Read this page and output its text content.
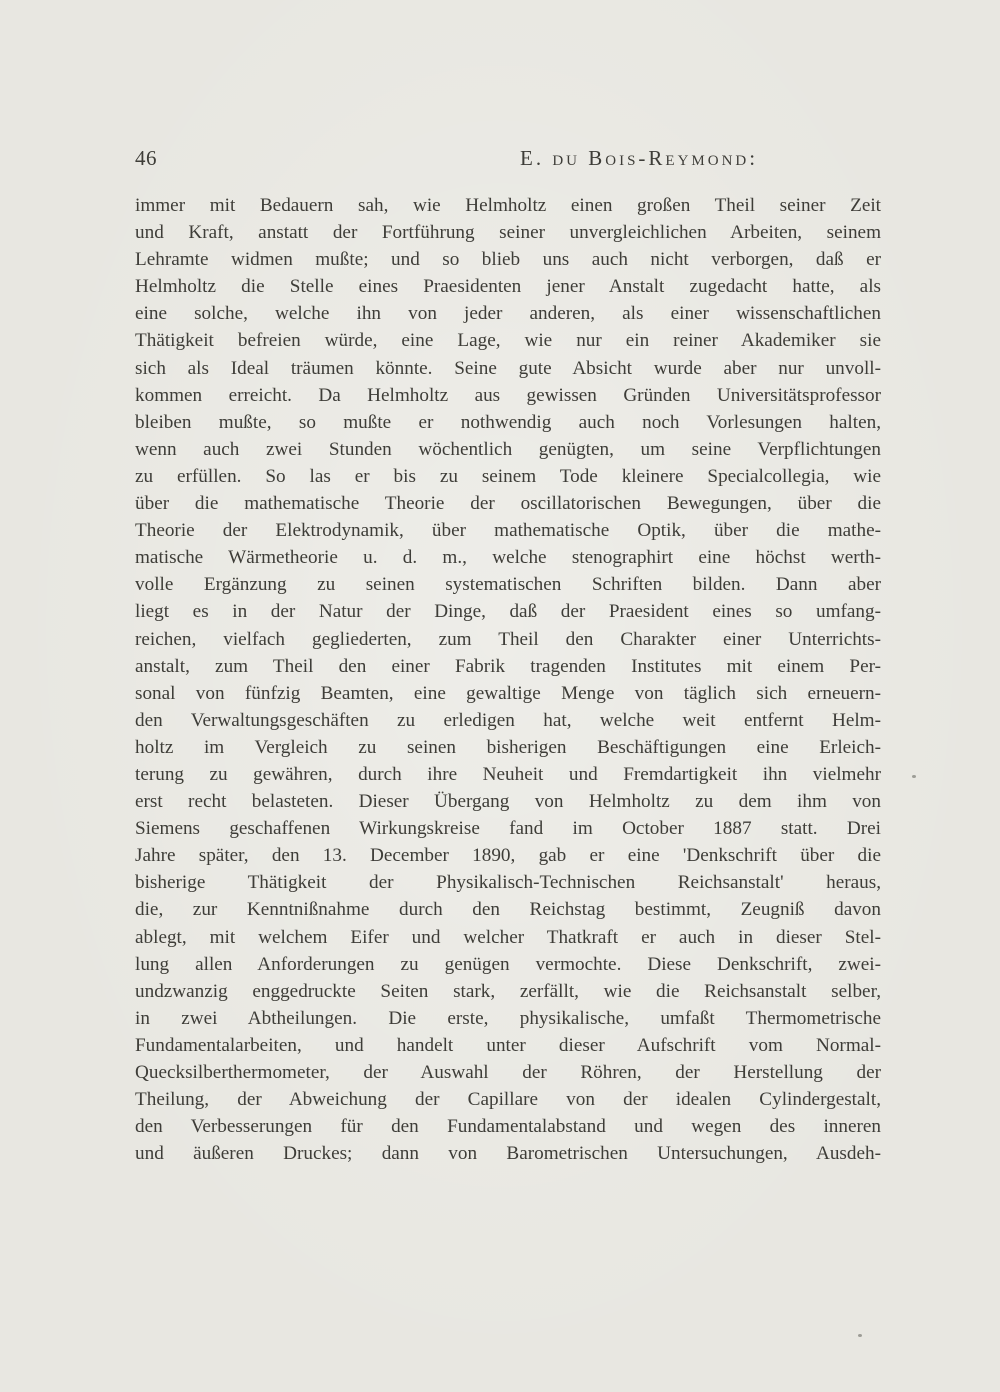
46	E. du Bois-Reymond:
immer mit Bedauern sah, wie Helmholtz einen großen Theil seiner Zeit
und Kraft, anstatt der Fortführung seiner unvergleichlichen Arbeiten, seinem
Lehramte widmen mußte; und so blieb uns auch nicht verborgen, daß er
Helmholtz die Stelle eines Praesidenten jener Anstalt zugedacht hatte, als
eine solche, welche ihn von jeder anderen, als einer wissenschaftlichen
Thätigkeit befreien würde, eine Lage, wie nur ein reiner Akademiker sie
sich als Ideal träumen könnte. Seine gute Absicht wurde aber nur unvoll-
kommen erreicht. Da Helmholtz aus gewissen Gründen Universitätsprofessor
bleiben mußte, so mußte er nothwendig auch noch Vorlesungen halten,
wenn auch zwei Stunden wöchentlich genügten, um seine Verpflichtungen
zu erfüllen. So las er bis zu seinem Tode kleinere Specialcollegia, wie
über die mathematische Theorie der oscillatorischen Bewegungen, über die
Theorie der Elektrodynamik, über mathematische Optik, über die mathe-
matische Wärmetheorie u. d. m., welche stenographirt eine höchst werth-
volle Ergänzung zu seinen systematischen Schriften bilden. Dann aber
liegt es in der Natur der Dinge, daß der Praesident eines so umfang-
reichen, vielfach gegliederten, zum Theil den Charakter einer Unterrichts-
anstalt, zum Theil den einer Fabrik tragenden Institutes mit einem Per-
sonal von fünfzig Beamten, eine gewaltige Menge von täglich sich erneuern-
den Verwaltungsgeschäften zu erledigen hat, welche weit entfernt Helm-
holtz im Vergleich zu seinen bisherigen Beschäftigungen eine Erleich-
terung zu gewähren, durch ihre Neuheit und Fremdartigkeit ihn vielmehr
erst recht belasteten. Dieser Übergang von Helmholtz zu dem ihm von
Siemens geschaffenen Wirkungskreise fand im October 1887 statt. Drei
Jahre später, den 13. December 1890, gab er eine 'Denkschrift über die
bisherige Thätigkeit der Physikalisch-Technischen Reichsanstalt' heraus,
die, zur Kenntnißnahme durch den Reichstag bestimmt, Zeugniß davon
ablegt, mit welchem Eifer und welcher Thatkraft er auch in dieser Stel-
lung allen Anforderungen zu genügen vermochte. Diese Denkschrift, zwei-
undzwanzig enggedruckte Seiten stark, zerfällt, wie die Reichsanstalt selber,
in zwei Abtheilungen. Die erste, physikalische, umfaßt Thermometrische
Fundamentalarbeiten, und handelt unter dieser Aufschrift vom Normal-
Quecksilberthermometer, der Auswahl der Röhren, der Herstellung der
Theilung, der Abweichung der Capillare von der idealen Cylindergestalt,
den Verbesserungen für den Fundamentalabstand und wegen des inneren
und äußeren Druckes; dann von Barometrischen Untersuchungen, Ausdeh-
